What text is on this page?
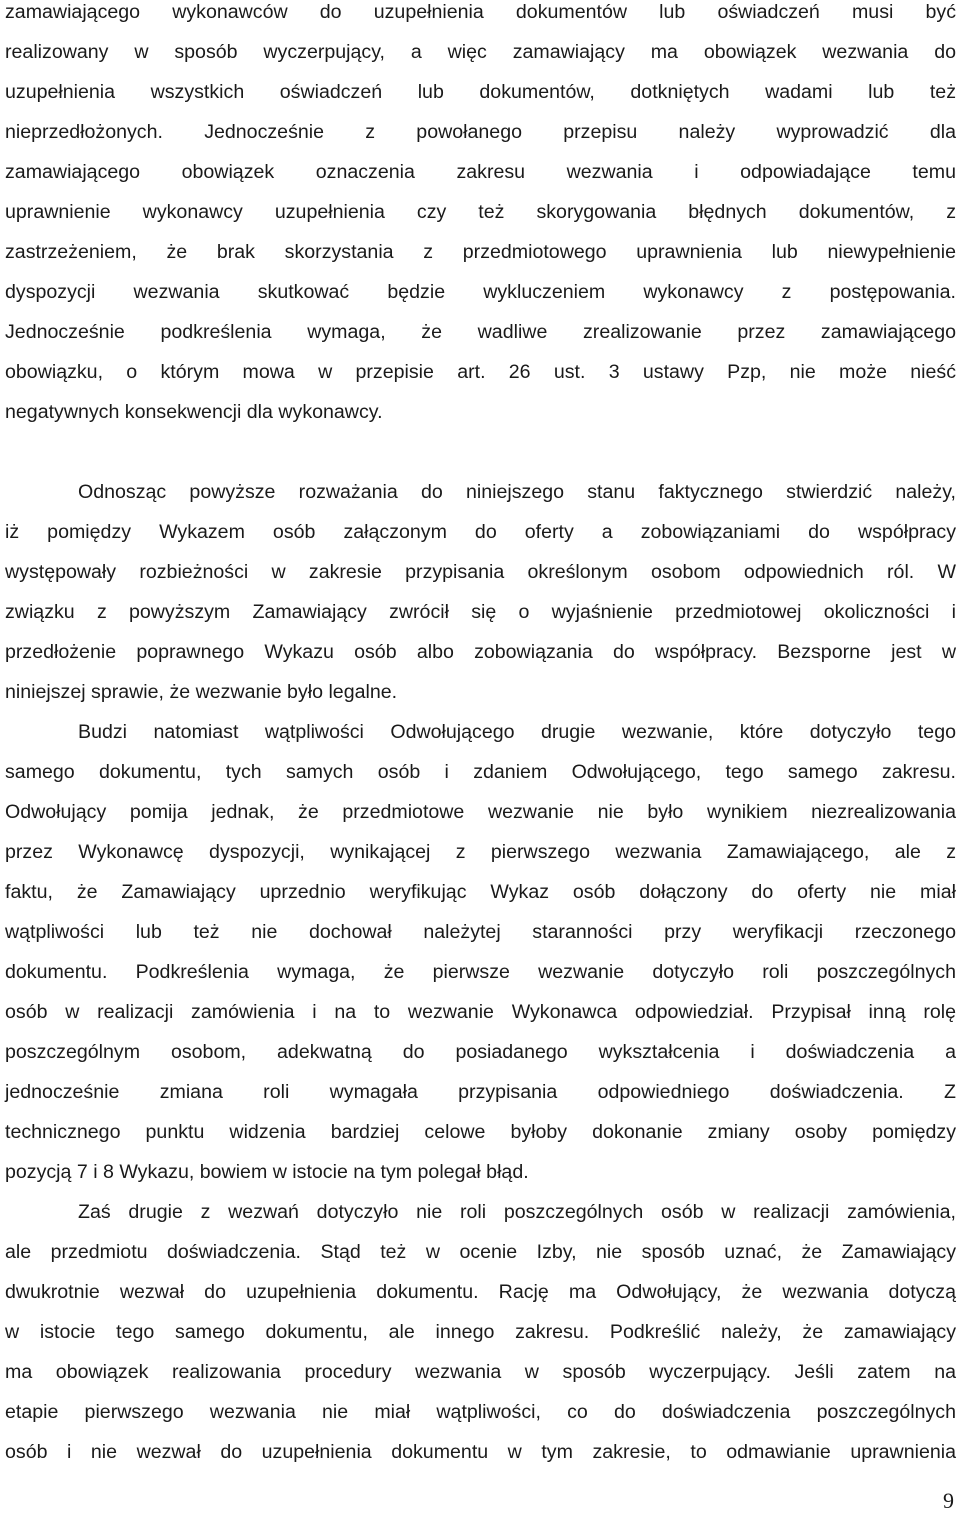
zamawiającego wykonawców do uzupełnienia dokumentów lub oświadczeń musi być
realizowany w sposób wyczerpujący, a więc zamawiający ma obowiązek wezwania do
uzupełnienia wszystkich oświadczeń lub dokumentów, dotkniętych wadami lub też
nieprzedłożonych. Jednocześnie z powołanego przepisu należy wyprowadzić dla
zamawiającego obowiązek oznaczenia zakresu wezwania i odpowiadające temu
uprawnienie wykonawcy uzupełnienia czy też skorygowania błędnych dokumentów, z
zastrzeżeniem, że brak skorzystania z przedmiotowego uprawnienia lub niewypełnienie
dyspozycji wezwania skutkować będzie wykluczeniem wykonawcy z postępowania.
Jednocześnie podkreślenia wymaga, że wadliwe zrealizowanie przez zamawiającego
obowiązku, o którym mowa w przepisie art. 26 ust. 3 ustawy Pzp, nie może nieść
negatywnych konsekwencji dla wykonawcy.
Odnosząc powyższe rozważania do niniejszego stanu faktycznego stwierdzić należy,
iż pomiędzy Wykazem osób załączonym do oferty a zobowiązaniami do współpracy
występowały rozbieżności w zakresie przypisania określonym osobom odpowiednich ról. W
związku z powyższym Zamawiający zwrócił się o wyjaśnienie przedmiotowej okoliczności i
przedłożenie poprawnego Wykazu osób albo zobowiązania do współpracy. Bezsporne jest w
niniejszej sprawie, że wezwanie było legalne.
Budzi natomiast wątpliwości Odwołującego drugie wezwanie, które dotyczyło tego
samego dokumentu, tych samych osób i zdaniem Odwołującego, tego samego zakresu.
Odwołujący pomija jednak, że przedmiotowe wezwanie nie było wynikiem niezrealizowania
przez Wykonawcę dyspozycji, wynikającej z pierwszego wezwania Zamawiającego, ale z
faktu, że Zamawiający uprzednio weryfikując Wykaz osób dołączony do oferty nie miał
wątpliwości lub też nie dochował należytej staranności przy weryfikacji rzeczonego
dokumentu. Podkreślenia wymaga, że pierwsze wezwanie dotyczyło roli poszczególnych
osób w realizacji zamówienia i na to wezwanie Wykonawca odpowiedział. Przypisał inną rolę
poszczególnym osobom, adekwatną do posiadanego wykształcenia i doświadczenia a
jednocześnie zmiana roli wymagała przypisania odpowiedniego doświadczenia. Z
technicznego punktu widzenia bardziej celowe byłoby dokonanie zmiany osoby pomiędzy
pozycją 7 i 8 Wykazu, bowiem w istocie na tym polegał błąd.
Zaś drugie z wezwań dotyczyło nie roli poszczególnych osób w realizacji zamówienia,
ale przedmiotu doświadczenia. Stąd też w ocenie Izby, nie sposób uznać, że Zamawiający
dwukrotnie wezwał do uzupełnienia dokumentu. Rację ma Odwołujący, że wezwania dotyczą
w istocie tego samego dokumentu, ale innego zakresu. Podkreślić należy, że zamawiający
ma obowiązek realizowania procedury wezwania w sposób wyczerpujący. Jeśli zatem na
etapie pierwszego wezwania nie miał wątpliwości, co do doświadczenia poszczególnych
osób i nie wezwał do uzupełnienia dokumentu w tym zakresie, to odmawianie uprawnienia
9
